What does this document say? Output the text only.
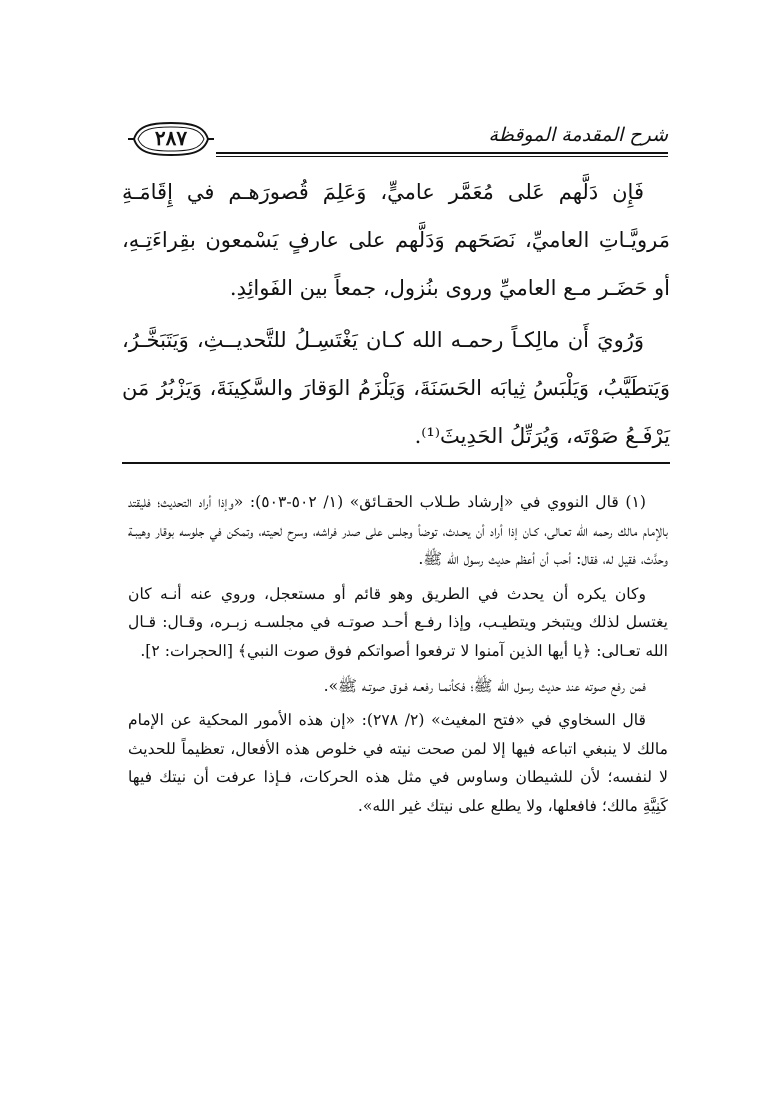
٢٨٧	شرح المقدمة الموقظة

فَإِن دَلَّهم عَلى مُعَمَّر عاميٍّ، وَعَلِمَ قُصورَهـم في إِقَامَـةِ مَرويَّـاتِ العاميِّ، نَصَحَهم وَدَلَّهم على عارفٍ يَسْمعون بقِراءَتِـهِ، أو حَضَـر مـع العاميِّ وروى بنُزول، جمعاً بين الفَوائِدِ.

وَرُويَ أَن مالِكـاً رحمـه الله كـان يَغْتَسِـلُ للتَّحديــثِ، وَيَتَبَخَّـرُ، وَيَتطَيَّبُ، وَيَلْبَسُ ثِيابَه الحَسَنَةَ، وَيَلْزَمُ الوَقارَ والسَّكِينَةَ، وَيَزْبُرُ مَن يَرْفَـعُ صَوْتَه، وَيُرَتِّلُ الحَدِيثَ⁽¹⁾.

(١) قال النووي في «إرشاد طـلاب الحقـائق» (١/ ٥٠٢-٥٠٣): «وإذا أراد التحديث؛ فليقتد بالإمام مالك رحمه الله تعـالى، كـان إذا أراد أن يحـدث، توضأ وجلس على صدر فراشه، وسرح لحيته، وتمكن في جلوسه بوقار وهيبـة وحدَّث، فقيل له، فقال: أحب أن أعظم حديث رسول الله ﷺ.

وكان يكره أن يحدث في الطريق وهو قائم أو مستعجل، وروي عنه أنـه كان يغتسل لذلك ويتبخر ويتطيـب، وإذا رفـع أحـد صوتـه في مجلسـه زبـره، وقـال: قـال الله تعـالى: ﴿يا أيها الذين آمنوا لا ترفعوا أصواتكم فوق صوت النبي﴾ [الحجرات: ٢].

فمن رفع صوته عند حديث رسول الله ﷺ؛ فكأنمـا رفعـه فـوق صوتـه ﷺ».

قال السخاوي في «فتح المغيث» (٢/ ٢٧٨): «إن هذه الأمور المحكية عن الإمام مالك لا ينبغي اتباعه فيها إلا لمن صحت نيته في خلوص هذه الأفعال، تعظيماً للحديث لا لنفسه؛ لأن للشيطان وساوس في مثل هذه الحركات، فـإذا عرفت أن نيتك فيها كَنِيَّةِ مالك؛ فافعلها، ولا يطلع على نيتك غير الله».
